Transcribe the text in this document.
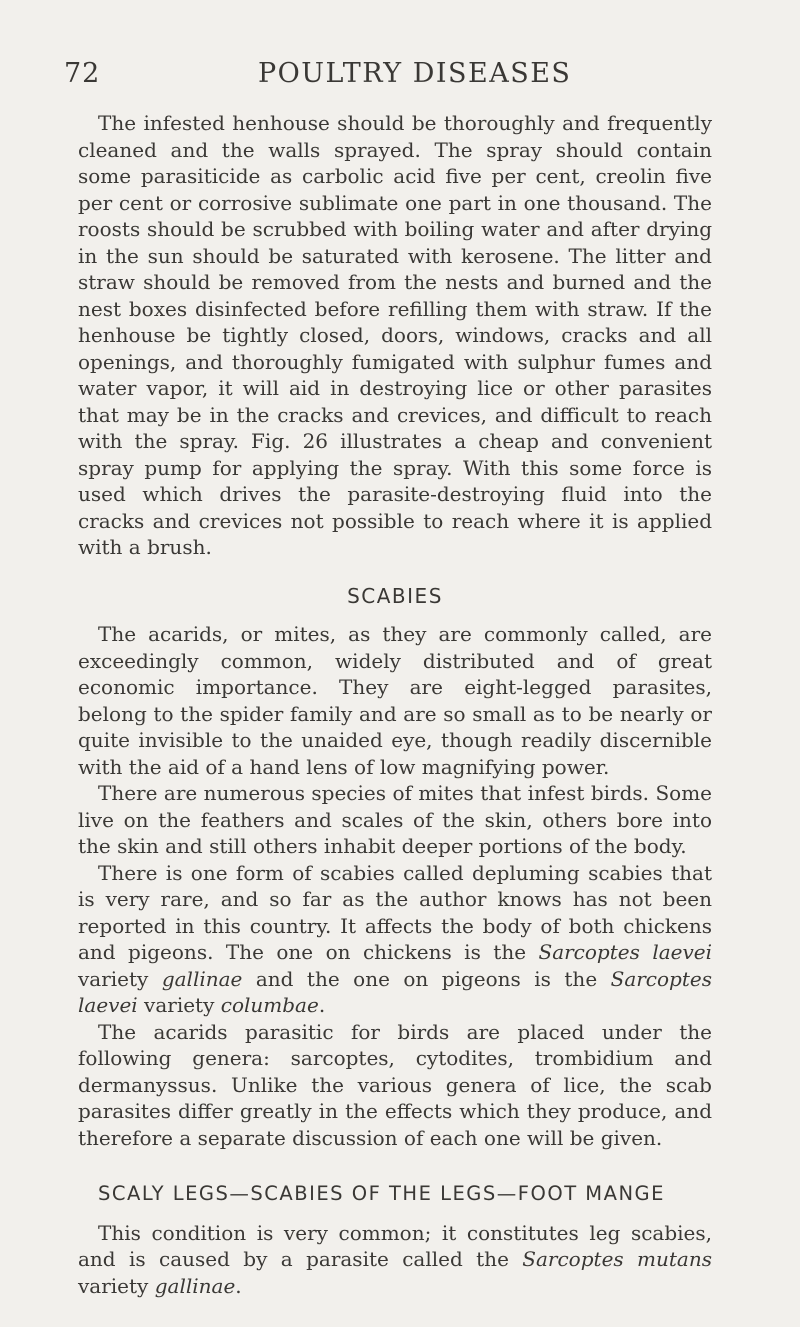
72	POULTRY DISEASES

The infested henhouse should be thoroughly and frequently cleaned and the walls sprayed. The spray should contain some parasiticide as carbolic acid five per cent, creolin five per cent or corrosive sublimate one part in one thousand. The roosts should be scrubbed with boiling water and after drying in the sun should be saturated with kerosene. The litter and straw should be removed from the nests and burned and the nest boxes disinfected before refilling them with straw. If the henhouse be tightly closed, doors, windows, cracks and all openings, and thoroughly fumigated with sulphur fumes and water vapor, it will aid in destroying lice or other parasites that may be in the cracks and crevices, and difficult to reach with the spray. Fig. 26 illustrates a cheap and convenient spray pump for applying the spray. With this some force is used which drives the parasite-destroying fluid into the cracks and crevices not possible to reach where it is applied with a brush.

SCABIES

The acarids, or mites, as they are commonly called, are exceedingly common, widely distributed and of great economic importance. They are eight-legged parasites, belong to the spider family and are so small as to be nearly or quite invisible to the unaided eye, though readily discernible with the aid of a hand lens of low magnifying power.

There are numerous species of mites that infest birds. Some live on the feathers and scales of the skin, others bore into the skin and still others inhabit deeper portions of the body.

There is one form of scabies called depluming scabies that is very rare, and so far as the author knows has not been reported in this country. It affects the body of both chickens and pigeons. The one on chickens is the Sarcoptes laevei variety gallinae and the one on pigeons is the Sarcoptes laevei variety columbae.

The acarids parasitic for birds are placed under the following genera: sarcoptes, cytodites, trombidium and dermanyssus. Unlike the various genera of lice, the scab parasites differ greatly in the effects which they produce, and therefore a separate discussion of each one will be given.

SCALY LEGS—SCABIES OF THE LEGS—FOOT MANGE

This condition is very common; it constitutes leg scabies, and is caused by a parasite called the Sarcoptes mutans variety gallinae.
